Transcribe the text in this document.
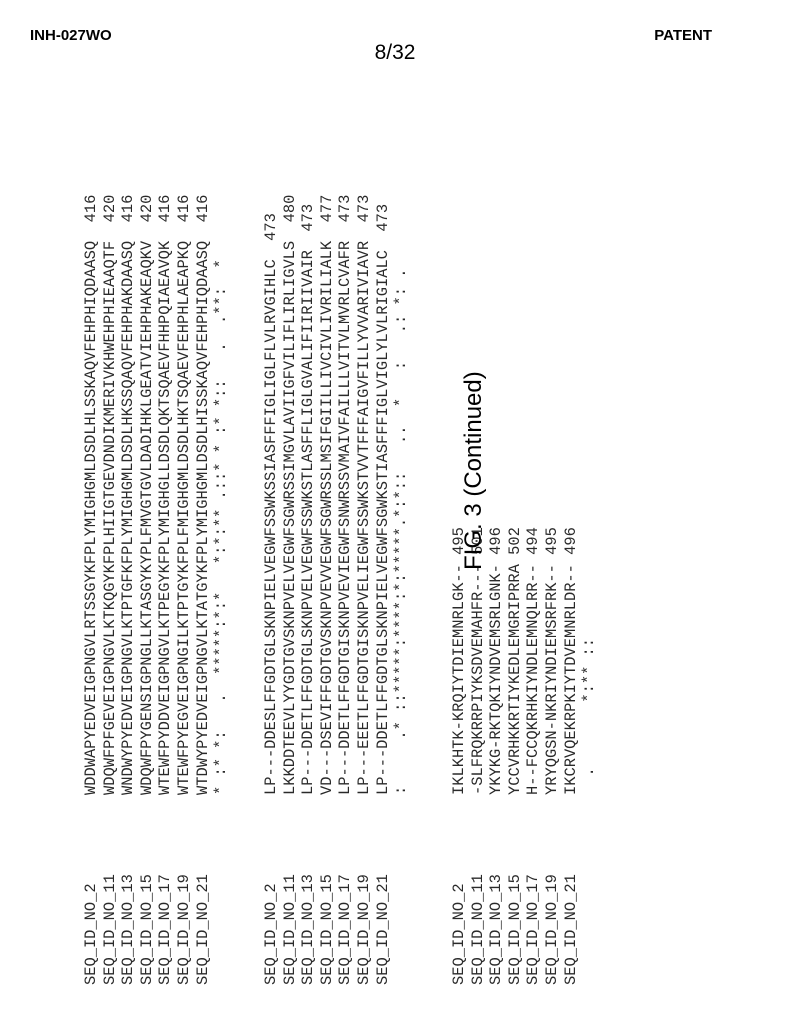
INH-027WO	PATENT
8/32
SEQ_ID_NO_2WDDWAPYEDVEIGPNGVLRTSSGYKFPLYMIGHGMLDSDLHLSSKAQVFEHPHIQDAASQ  416
SEQ_ID_NO_11WDQWFPFGEVEIGPNGVLKTKQGYKFPLHIIGTGEVDNDIKMERIVKHWEHPHIEAAQTF  420
SEQ_ID_NO_13WNDWYPYEDVEIGPNGVLKTPTGFKFPLYMIGHGMLDSDLHKSSQAQVFEHPHAKDAASQ  416
SEQ_ID_NO_15WDQWFPYGENSIGPNGLLKTASGYKYPLFMVGTGVLDADIHKLGEATVIEHPHAKEAQKV  420
SEQ_ID_NO_17WTEWFPYDDVEIGPNGVLKTPEGYKFPLYMIGHGLLDSDLQKTSQAEVFHHPQIAEAVQK  416
SEQ_ID_NO_19WTEWFPYEGVEIGPNGILKTPTGYKFPLFMIGHGMLDSDLHKTSQAEVFEHPHLAEAPKQ  416
SEQ_ID_NO_21WTDWYPYEDVEIGPNGVLKTATGYKFPLYMIGHGMLDSDLHISSKAQVFEHPHIQDAASQ  416 * :* *:   .  *****:*:*   *:*:** .::* * :* *::   .  .**:  *
SEQ_ID_NO_2LP---DDESLFFGDTGLSKNPIELVEGWFSSWKSSIASFFFIGLIGLFLVLRVGIHLC  473
SEQ_ID_NO_11LKKDDTEEVLYYGDTGVSKNPVELVEGWFSGWRSSIMGVLAVIIGFVILIFLIRLIGVLS  480
SEQ_ID_NO_13LP---DDETLFFGDTGLSKNPVELVEGWFSSWKSTLASFFLIGLGVALIFIIRIIVAIR  473
SEQ_ID_NO_15VD---DSEVIFFGDTGVSKNPVEVVEGWFSGWRSSLMSIFGIILLIVCIVLIVRILIALK  477
SEQ_ID_NO_17LP---DDETLFFGDTGISKNPVEVIEGWFSNWRSSVMAIVFAILLLVITVLMVRLCVAFR  473
SEQ_ID_NO_19LP---EEETLFFGDTGISKNPVELIEGWFSSWKSTVVTFFFAIGVFILLYVVARIVIAVR  473
SEQ_ID_NO_21LP---DDETLFFGDTGLSKNPIELVEGWFSGWKSTIASFFFIGLVIGLYLVLRIGIALC  473 :     .* ::*****:****:*:*****.*:*::   ..  *   :   .: *: .
SEQ_ID_NO_2IKLKHTK-KRQIYTDIEMNRLGK-- 495
SEQ_ID_NO_11-SLFRQKRRPIYKSDVEMAHFR--- 501
SEQ_ID_NO_13YKYKG-RKTQKIYNDVEMSRLGNK- 496
SEQ_ID_NO_15YCCVRHKKRTIYKEDLEMGRIPRRA 502
SEQ_ID_NO_17H--FCCQKRHKIYNDLEMNQLRR-- 494
SEQ_ID_NO_19YRYQGSN-NKRIYNDIEMSRFRK-- 495
SEQ_ID_NO_21IKCRVQEKRPKIYTDVEMNRLDR-- 496 .       *:** ::
FIG. 3 (Continued)
